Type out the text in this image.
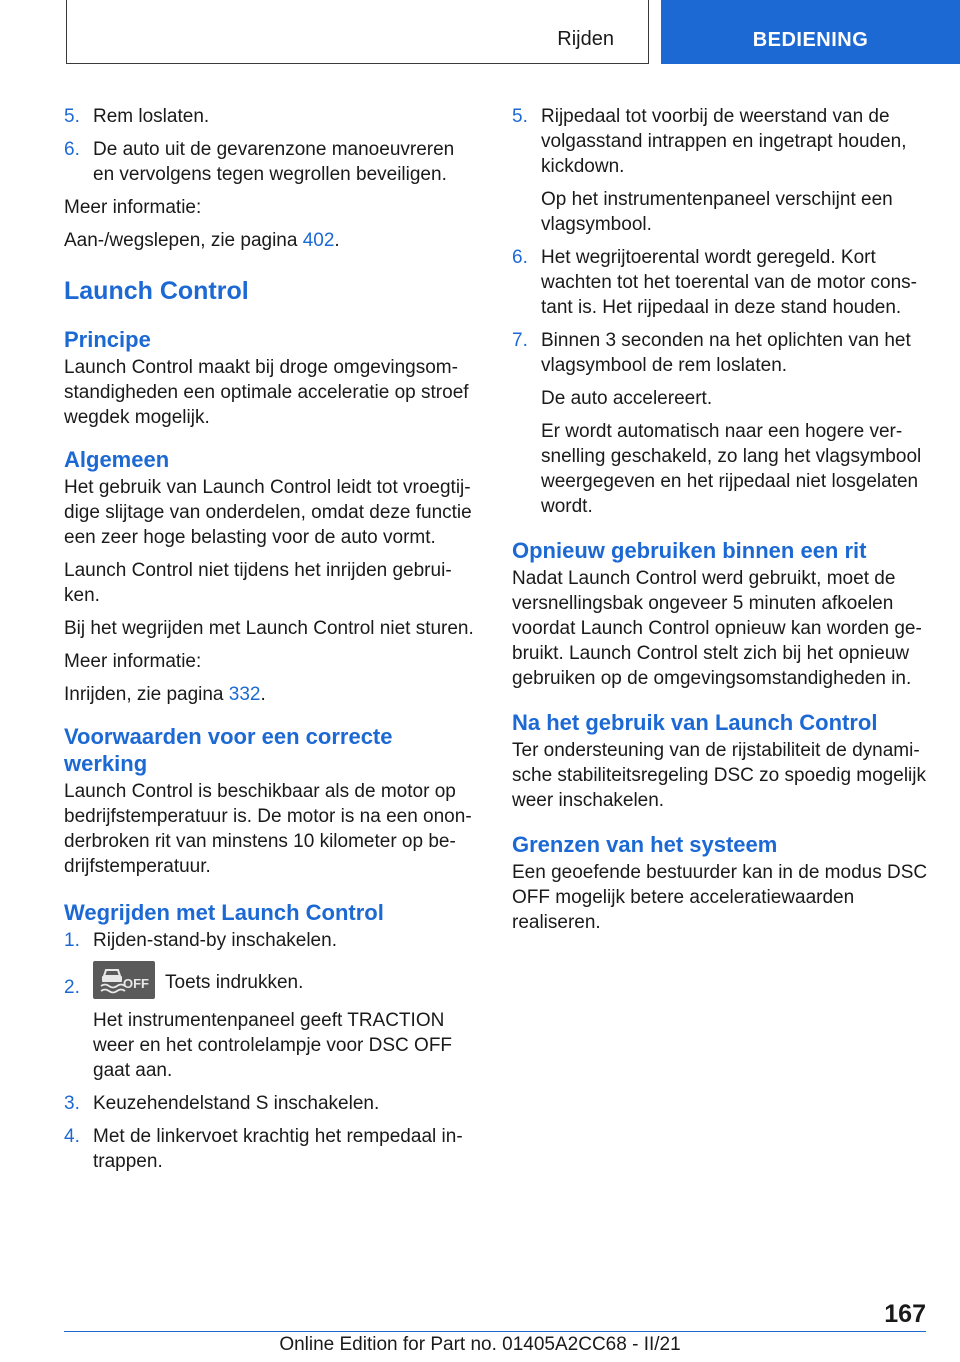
Rijden	BEDIENING
5. Rem loslaten.
6. De auto uit de gevarenzone manoeuvreren en vervolgens tegen wegrollen beveiligen.

Meer informatie:

Aan-/wegslepen, zie pagina 402.

Launch Control
Principe

Launch Control maakt bij droge omgevingsomstandigheden een optimale acceleratie op stroef wegdek mogelijk.

Algemeen

Het gebruik van Launch Control leidt tot vroegtijdige slijtage van onderdelen, omdat deze functie een zeer hoge belasting voor de auto vormt.

Launch Control niet tijdens het inrijden gebruiken.

Bij het wegrijden met Launch Control niet sturen.

Meer informatie:

Inrijden, zie pagina 332.

Voorwaarden voor een correcte werking

Launch Control is beschikbaar als de motor op bedrijfstemperatuur is. De motor is na een ononderbroken rit van minstens 10 kilometer op bedrijfstemperatuur.

Wegrijden met Launch Control
1. Rijden-stand-by inschakelen.
2.	OFF Toets indrukken.

Het instrumentenpaneel geeft TRACTION weer en het controlelampje voor DSC OFF gaat aan.

3. Keuzehendelstand S inschakelen.
4. Met de linkervoet krachtig het rempedaal intrappen.
5. Rijpedaal tot voorbij de weerstand van de volgasstand intrappen en ingetrapt houden, kickdown.

Op het instrumentenpaneel verschijnt een vlagsymbool.

6. Het wegrijtoerental wordt geregeld. Kort wachten tot het toerental van de motor constant is. Het rijpedaal in deze stand houden.
7. Binnen 3 seconden na het oplichten van het vlagsymbool de rem loslaten.

De auto accelereert.

Er wordt automatisch naar een hogere versnelling geschakeld, zo lang het vlagsymbool weergegeven en het rijpedaal niet losgelaten wordt.

Opnieuw gebruiken binnen een rit

Nadat Launch Control werd gebruikt, moet de versnellingsbak ongeveer 5 minuten afkoelen voordat Launch Control opnieuw kan worden gebruikt. Launch Control stelt zich bij het opnieuw gebruiken op de omgevingsomstandigheden in.

Na het gebruik van Launch Control

Ter ondersteuning van de rijstabiliteit de dynamische stabiliteitsregeling DSC zo spoedig mogelijk weer inschakelen.

Grenzen van het systeem

Een geoefende bestuurder kan in de modus DSC OFF mogelijk betere acceleratiewaarden realiseren.

167
Online Edition for Part no. 01405A2CC68 - II/21
